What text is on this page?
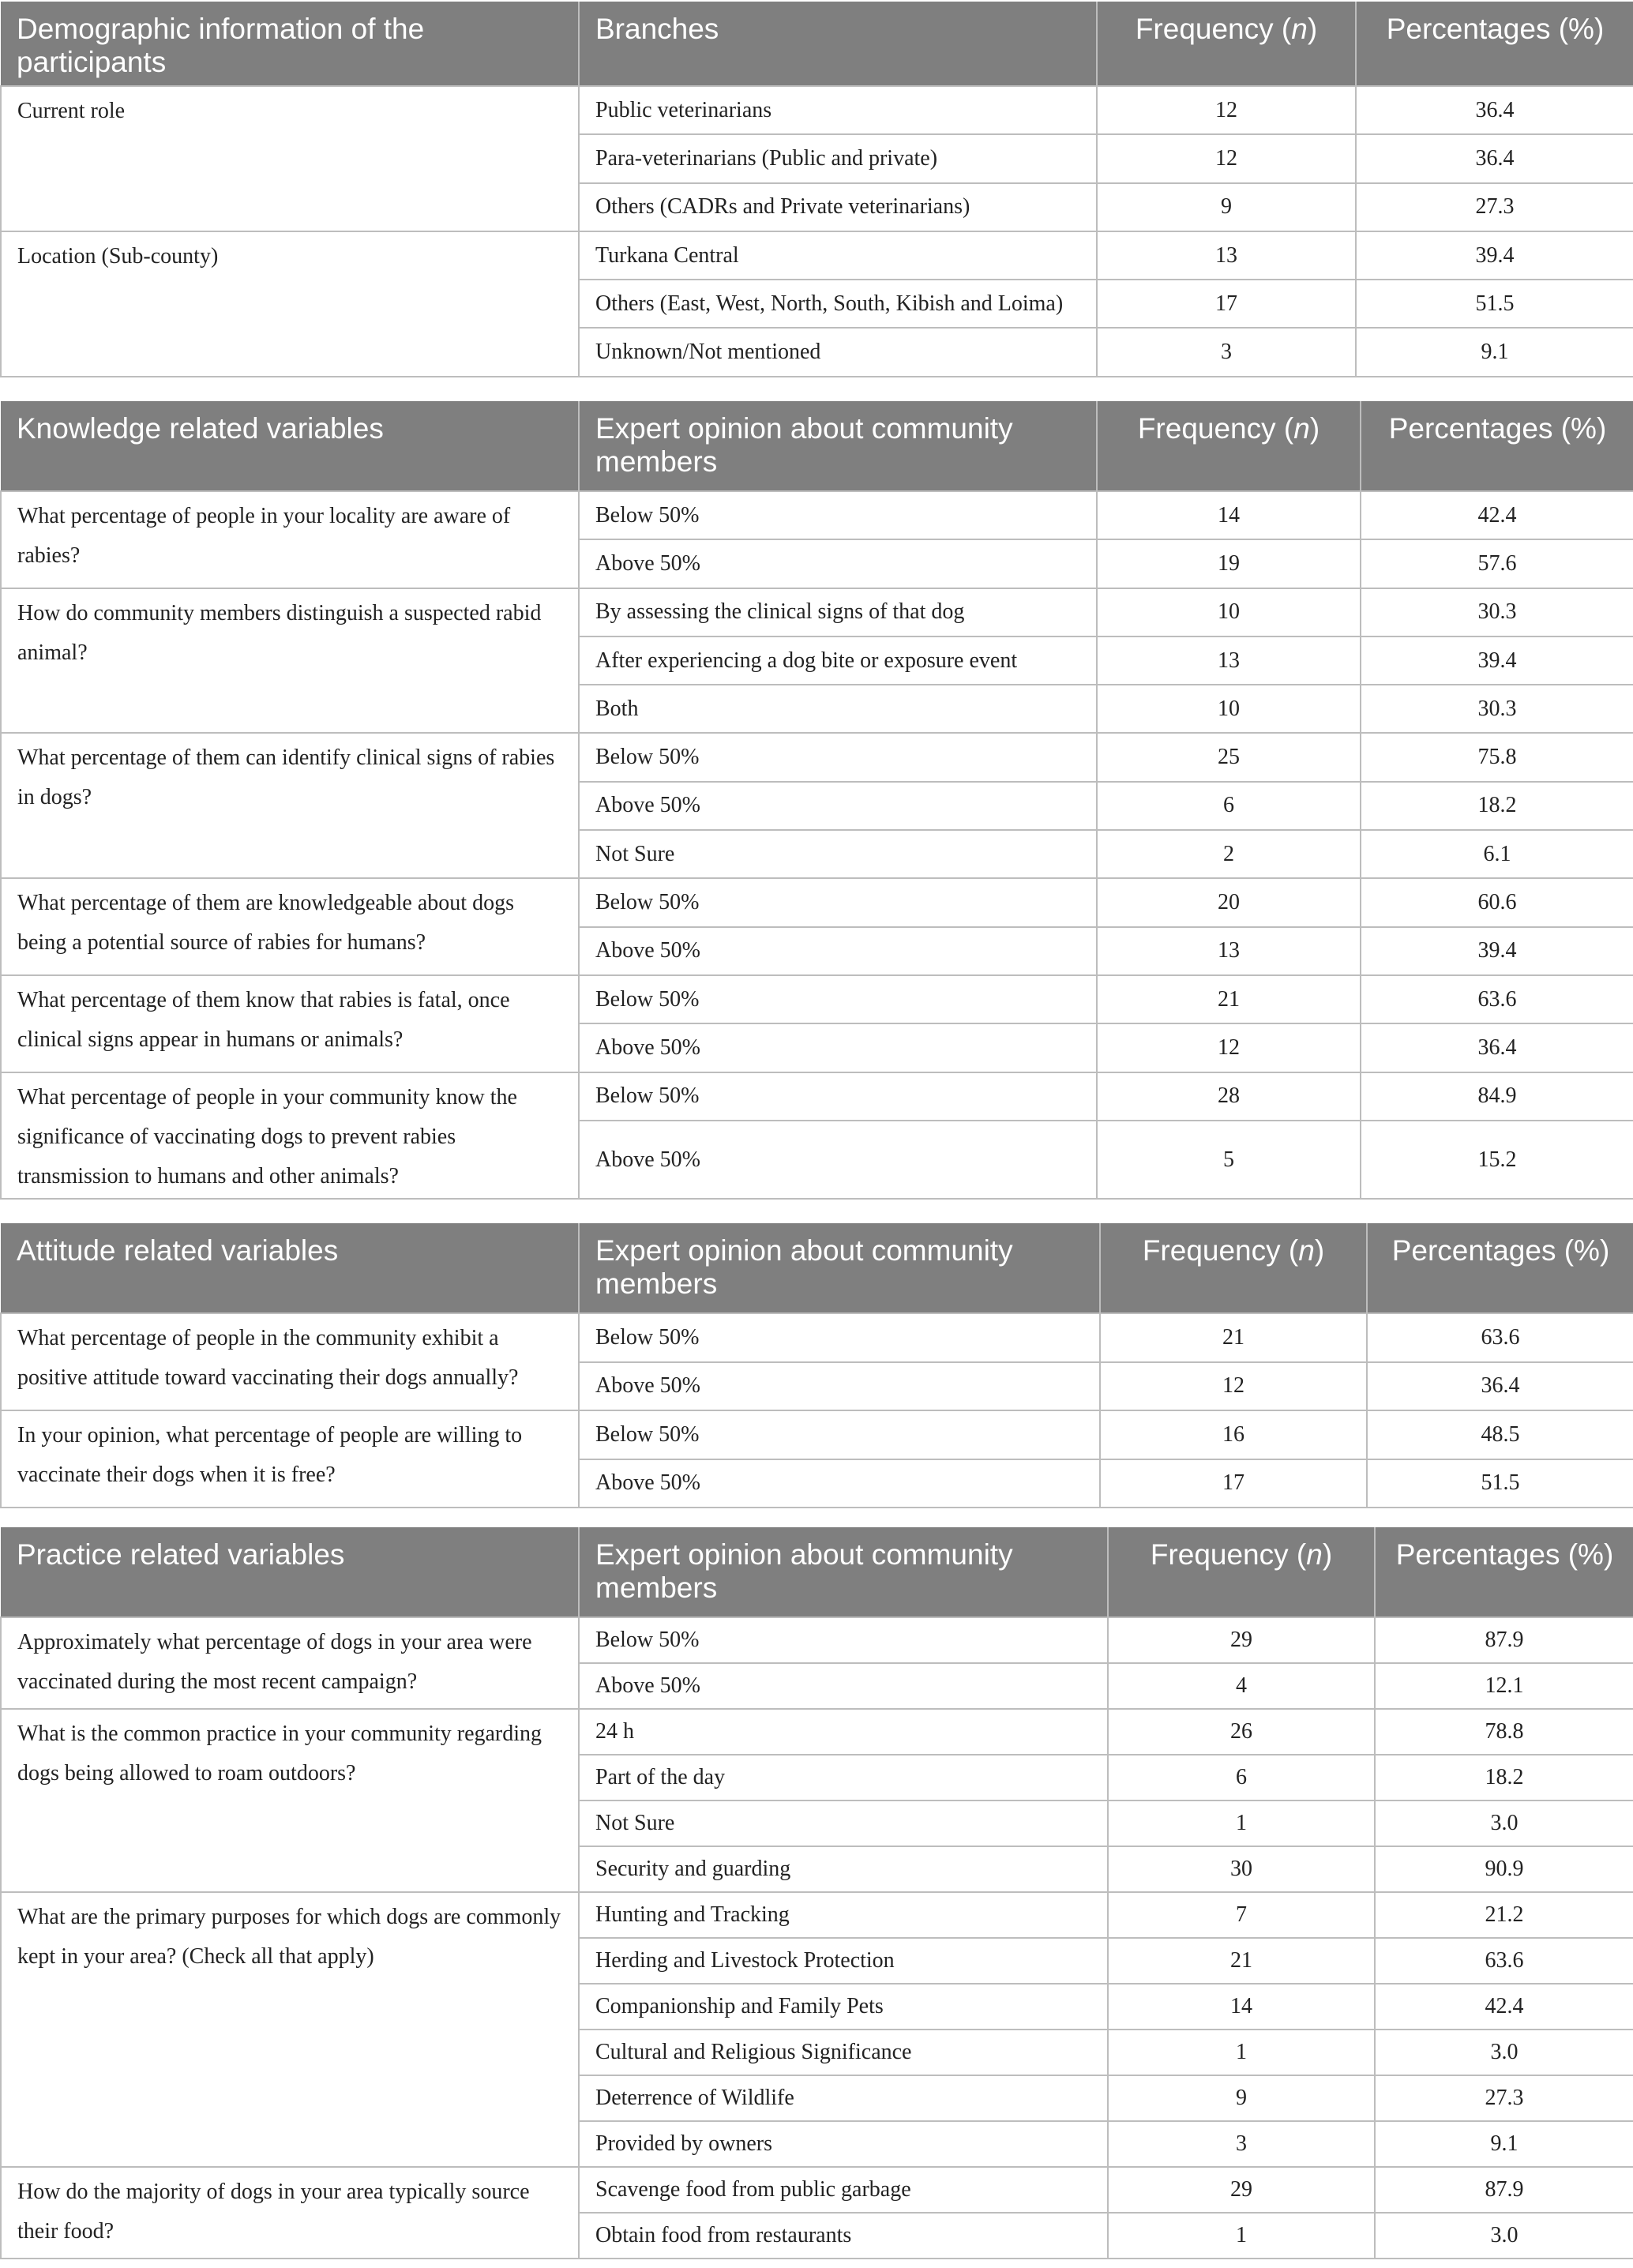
Demographic information of the participants	Branches	Frequency (n)	Percentages (%)
Current role	Public veterinarians	12	36.4
	Para-veterinarians (Public and private)	12	36.4
	Others (CADRs and Private veterinarians)	9	27.3
Location (Sub-county)	Turkana Central	13	39.4
	Others (East, West, North, South, Kibish and Loima)	17	51.5
	Unknown/Not mentioned	3	9.1
Knowledge related variables	Expert opinion about community members	Frequency (n)	Percentages (%)
What percentage of people in your locality are aware of rabies?	Below 50%	14	42.4
	Above 50%	19	57.6
How do community members distinguish a suspected rabid animal?	By assessing the clinical signs of that dog	10	30.3
	After experiencing a dog bite or exposure event	13	39.4
	Both	10	30.3
What percentage of them can identify clinical signs of rabies in dogs?	Below 50%	25	75.8
	Above 50%	6	18.2
	Not Sure	2	6.1
What percentage of them are knowledgeable about dogs being a potential source of rabies for humans?	Below 50%	20	60.6
	Above 50%	13	39.4
What percentage of them know that rabies is fatal, once clinical signs appear in humans or animals?	Below 50%	21	63.6
	Above 50%	12	36.4
What percentage of people in your community know the significance of vaccinating dogs to prevent rabies transmission to humans and other animals?	Below 50%	28	84.9
	Above 50%	5	15.2
Attitude related variables	Expert opinion about community members	Frequency (n)	Percentages (%)
What percentage of people in the community exhibit a positive attitude toward vaccinating their dogs annually?	Below 50%	21	63.6
	Above 50%	12	36.4
In your opinion, what percentage of people are willing to vaccinate their dogs when it is free?	Below 50%	16	48.5
	Above 50%	17	51.5
Practice related variables	Expert opinion about community members	Frequency (n)	Percentages (%)
Approximately what percentage of dogs in your area were vaccinated during the most recent campaign?	Below 50%	29	87.9
	Above 50%	4	12.1
What is the common practice in your community regarding dogs being allowed to roam outdoors?	24 h	26	78.8
	Part of the day	6	18.2
	Not Sure	1	3.0
	Security and guarding	30	90.9
What are the primary purposes for which dogs are commonly kept in your area? (Check all that apply)	Hunting and Tracking	7	21.2
	Herding and Livestock Protection	21	63.6
	Companionship and Family Pets	14	42.4
	Cultural and Religious Significance	1	3.0
	Deterrence of Wildlife	9	27.3
	Provided by owners	3	9.1
How do the majority of dogs in your area typically source their food?	Scavenge food from public garbage	29	87.9
	Obtain food from restaurants	1	3.0
